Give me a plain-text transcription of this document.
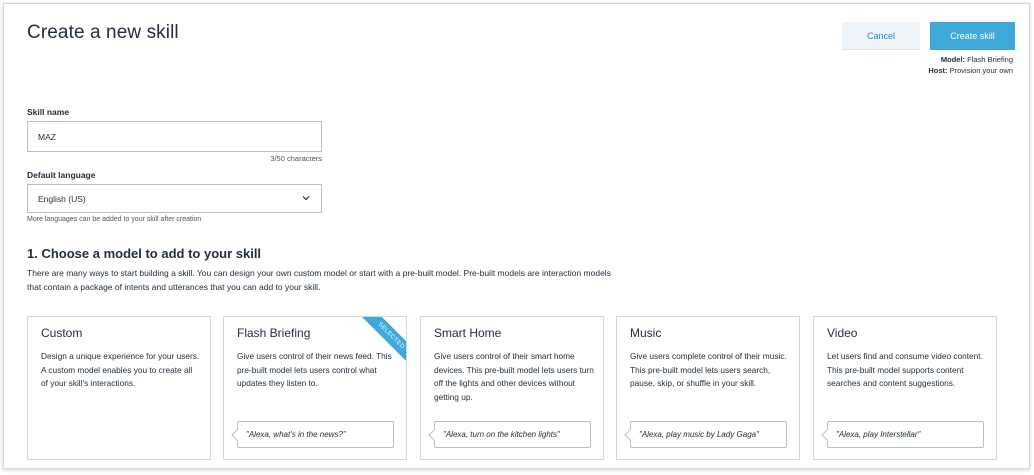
Create a new skill	Cancel	Create skill
Model: Flash Briefing
Host: Provision your own
Skill name
MAZ
3/50 characters
Default language
English (US)
More languages can be added to your skill after creation
1. Choose a model to add to your skill
There are many ways to start building a skill. You can design your own custom model or start with a pre-built model. Pre-built models are interaction models
that contain a package of intents and utterances that you can add to your skill.
Custom
Design a unique experience for your users. A custom model enables you to create all of your skill's interactions.
Flash Briefing
Give users control of their news feed. This pre-built model lets users control what updates they listen to.
"Alexa, what's in the news?"
SELECTED	Smart Home
Give users control of their smart home devices. This pre-built model lets users turn off the lights and other devices without getting up.
"Alexa, turn on the kitchen lights"
Music
Give users complete control of their music. This pre-built model lets users search, pause, skip, or shuffle in your skill.
"Alexa, play music by Lady Gaga"
Video
Let users find and consume video content. This pre-built model supports content searches and content suggestions.
"Alexa, play Interstellar"
